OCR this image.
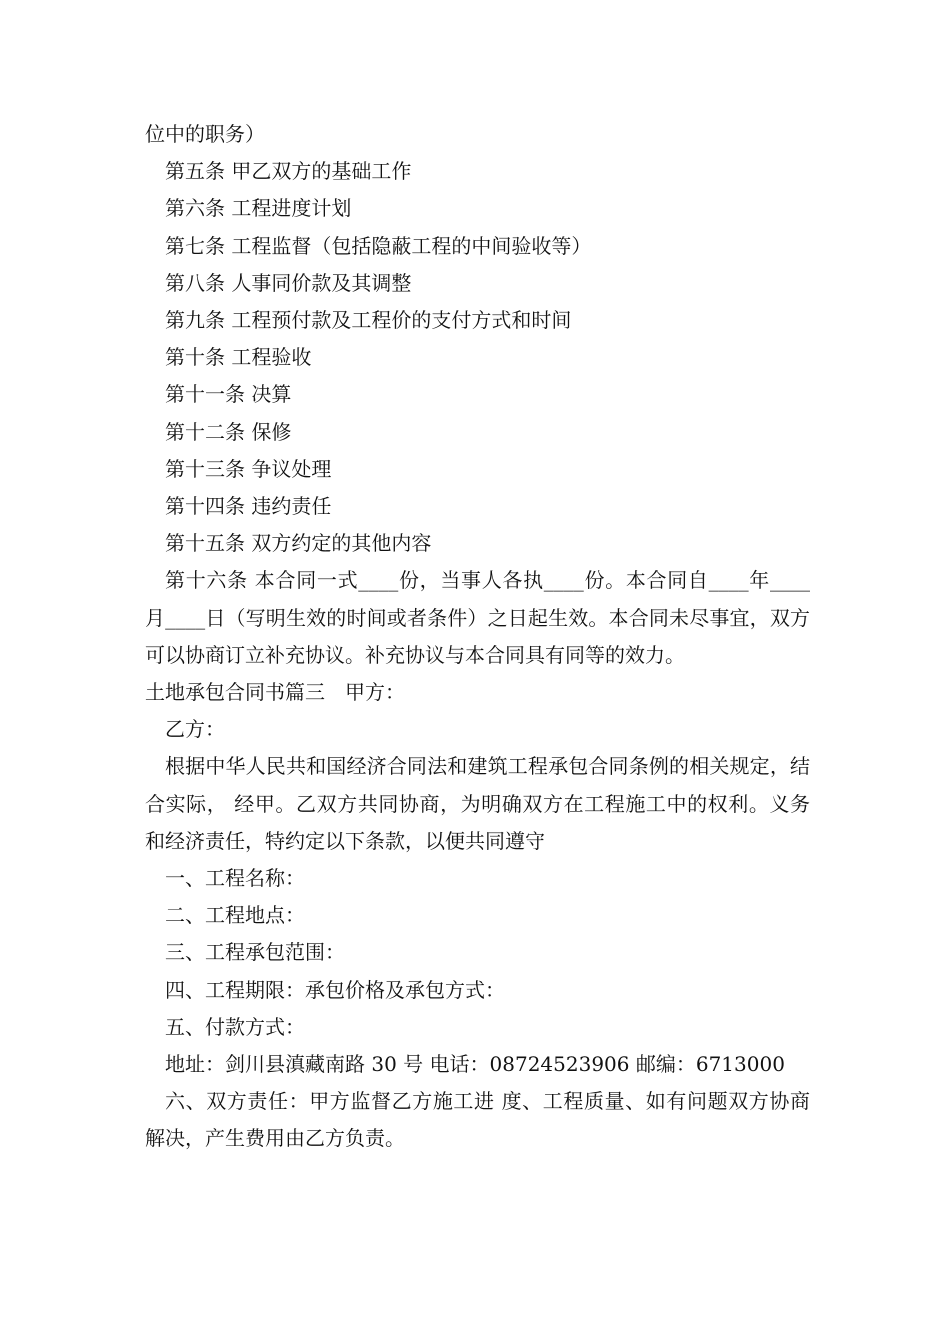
位中的职务）

第五条 甲乙双方的基础工作

第六条 工程进度计划

第七条 工程监督（包括隐蔽工程的中间验收等）

第八条 人事同价款及其调整

第九条 工程预付款及工程价的支付方式和时间

第十条 工程验收

第十一条 决算

第十二条 保修

第十三条 争议处理

第十四条 违约责任

第十五条 双方约定的其他内容

第十六条 本合同一式____份，当事人各执____份。本合同自____年____月____日（写明生效的时间或者条件）之日起生效。本合同未尽事宜，双方可以协商订立补充协议。补充协议与本合同具有同等的效力。

土地承包合同书篇三　甲方：

乙方：

根据中华人民共和国经济合同法和建筑工程承包合同条例的相关规定，结合实际， 经甲。乙双方共同协商，为明确双方在工程施工中的权利。义务和经济责任，特约定以下条款，以便共同遵守

一、工程名称：

二、工程地点：

三、工程承包范围：

四、工程期限：承包价格及承包方式：

五、付款方式：

地址：剑川县滇藏南路 30 号 电话：08724523906 邮编：6713000

六、双方责任：甲方监督乙方施工进 度、工程质量、如有问题双方协商解决，产生费用由乙方负责。
